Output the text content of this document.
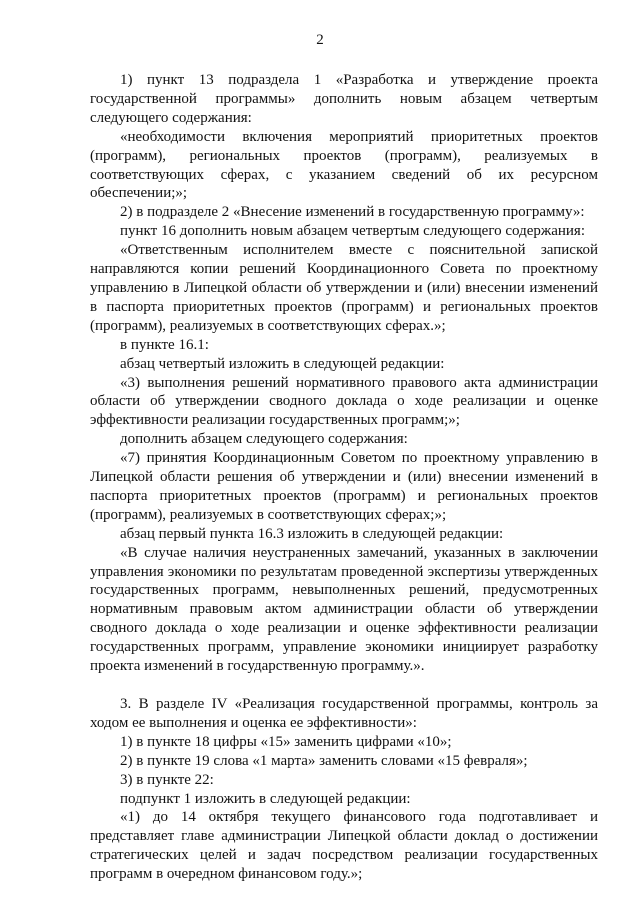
2

1) пункт 13 подраздела 1 «Разработка и утверждение проекта государственной программы» дополнить новым абзацем четвертым следующего содержания:

«необходимости включения мероприятий приоритетных проектов (программ), региональных проектов (программ), реализуемых в соответствующих сферах, с указанием сведений об их ресурсном обеспечении;»;

2) в подразделе 2 «Внесение изменений в государственную программу»:

пункт 16 дополнить новым абзацем четвертым следующего содержания:

«Ответственным исполнителем вместе с пояснительной запиской направляются копии решений Координационного Совета по проектному управлению в Липецкой области об утверждении и (или) внесении изменений в паспорта приоритетных проектов (программ) и региональных проектов (программ), реализуемых в соответствующих сферах.»;

в пункте 16.1:

абзац четвертый изложить в следующей редакции:

«3) выполнения решений нормативного правового акта администрации области об утверждении сводного доклада о ходе реализации и оценке эффективности реализации государственных программ;»;

дополнить абзацем следующего содержания:

«7) принятия Координационным Советом по проектному управлению в Липецкой области решения об утверждении и (или) внесении изменений в паспорта приоритетных проектов (программ) и региональных проектов (программ), реализуемых в соответствующих сферах;»;

абзац первый пункта 16.3 изложить в следующей редакции:

«В случае наличия неустраненных замечаний, указанных в заключении управления экономики по результатам проведенной экспертизы утвержденных государственных программ, невыполненных решений, предусмотренных нормативным правовым актом администрации области об утверждении сводного доклада о ходе реализации и оценке эффективности реализации государственных программ, управление экономики инициирует разработку проекта изменений в государственную программу.».

3. В разделе IV «Реализация государственной программы, контроль за ходом ее выполнения и оценка ее эффективности»:

1) в пункте 18 цифры «15» заменить цифрами «10»;

2) в пункте 19 слова «1 марта» заменить словами «15 февраля»;

3) в пункте 22:

подпункт 1 изложить в следующей редакции:

«1) до 14 октября текущего финансового года подготавливает и представляет главе администрации Липецкой области доклад о достижении стратегических целей и задач посредством реализации государственных программ в очередном финансовом году.»;
